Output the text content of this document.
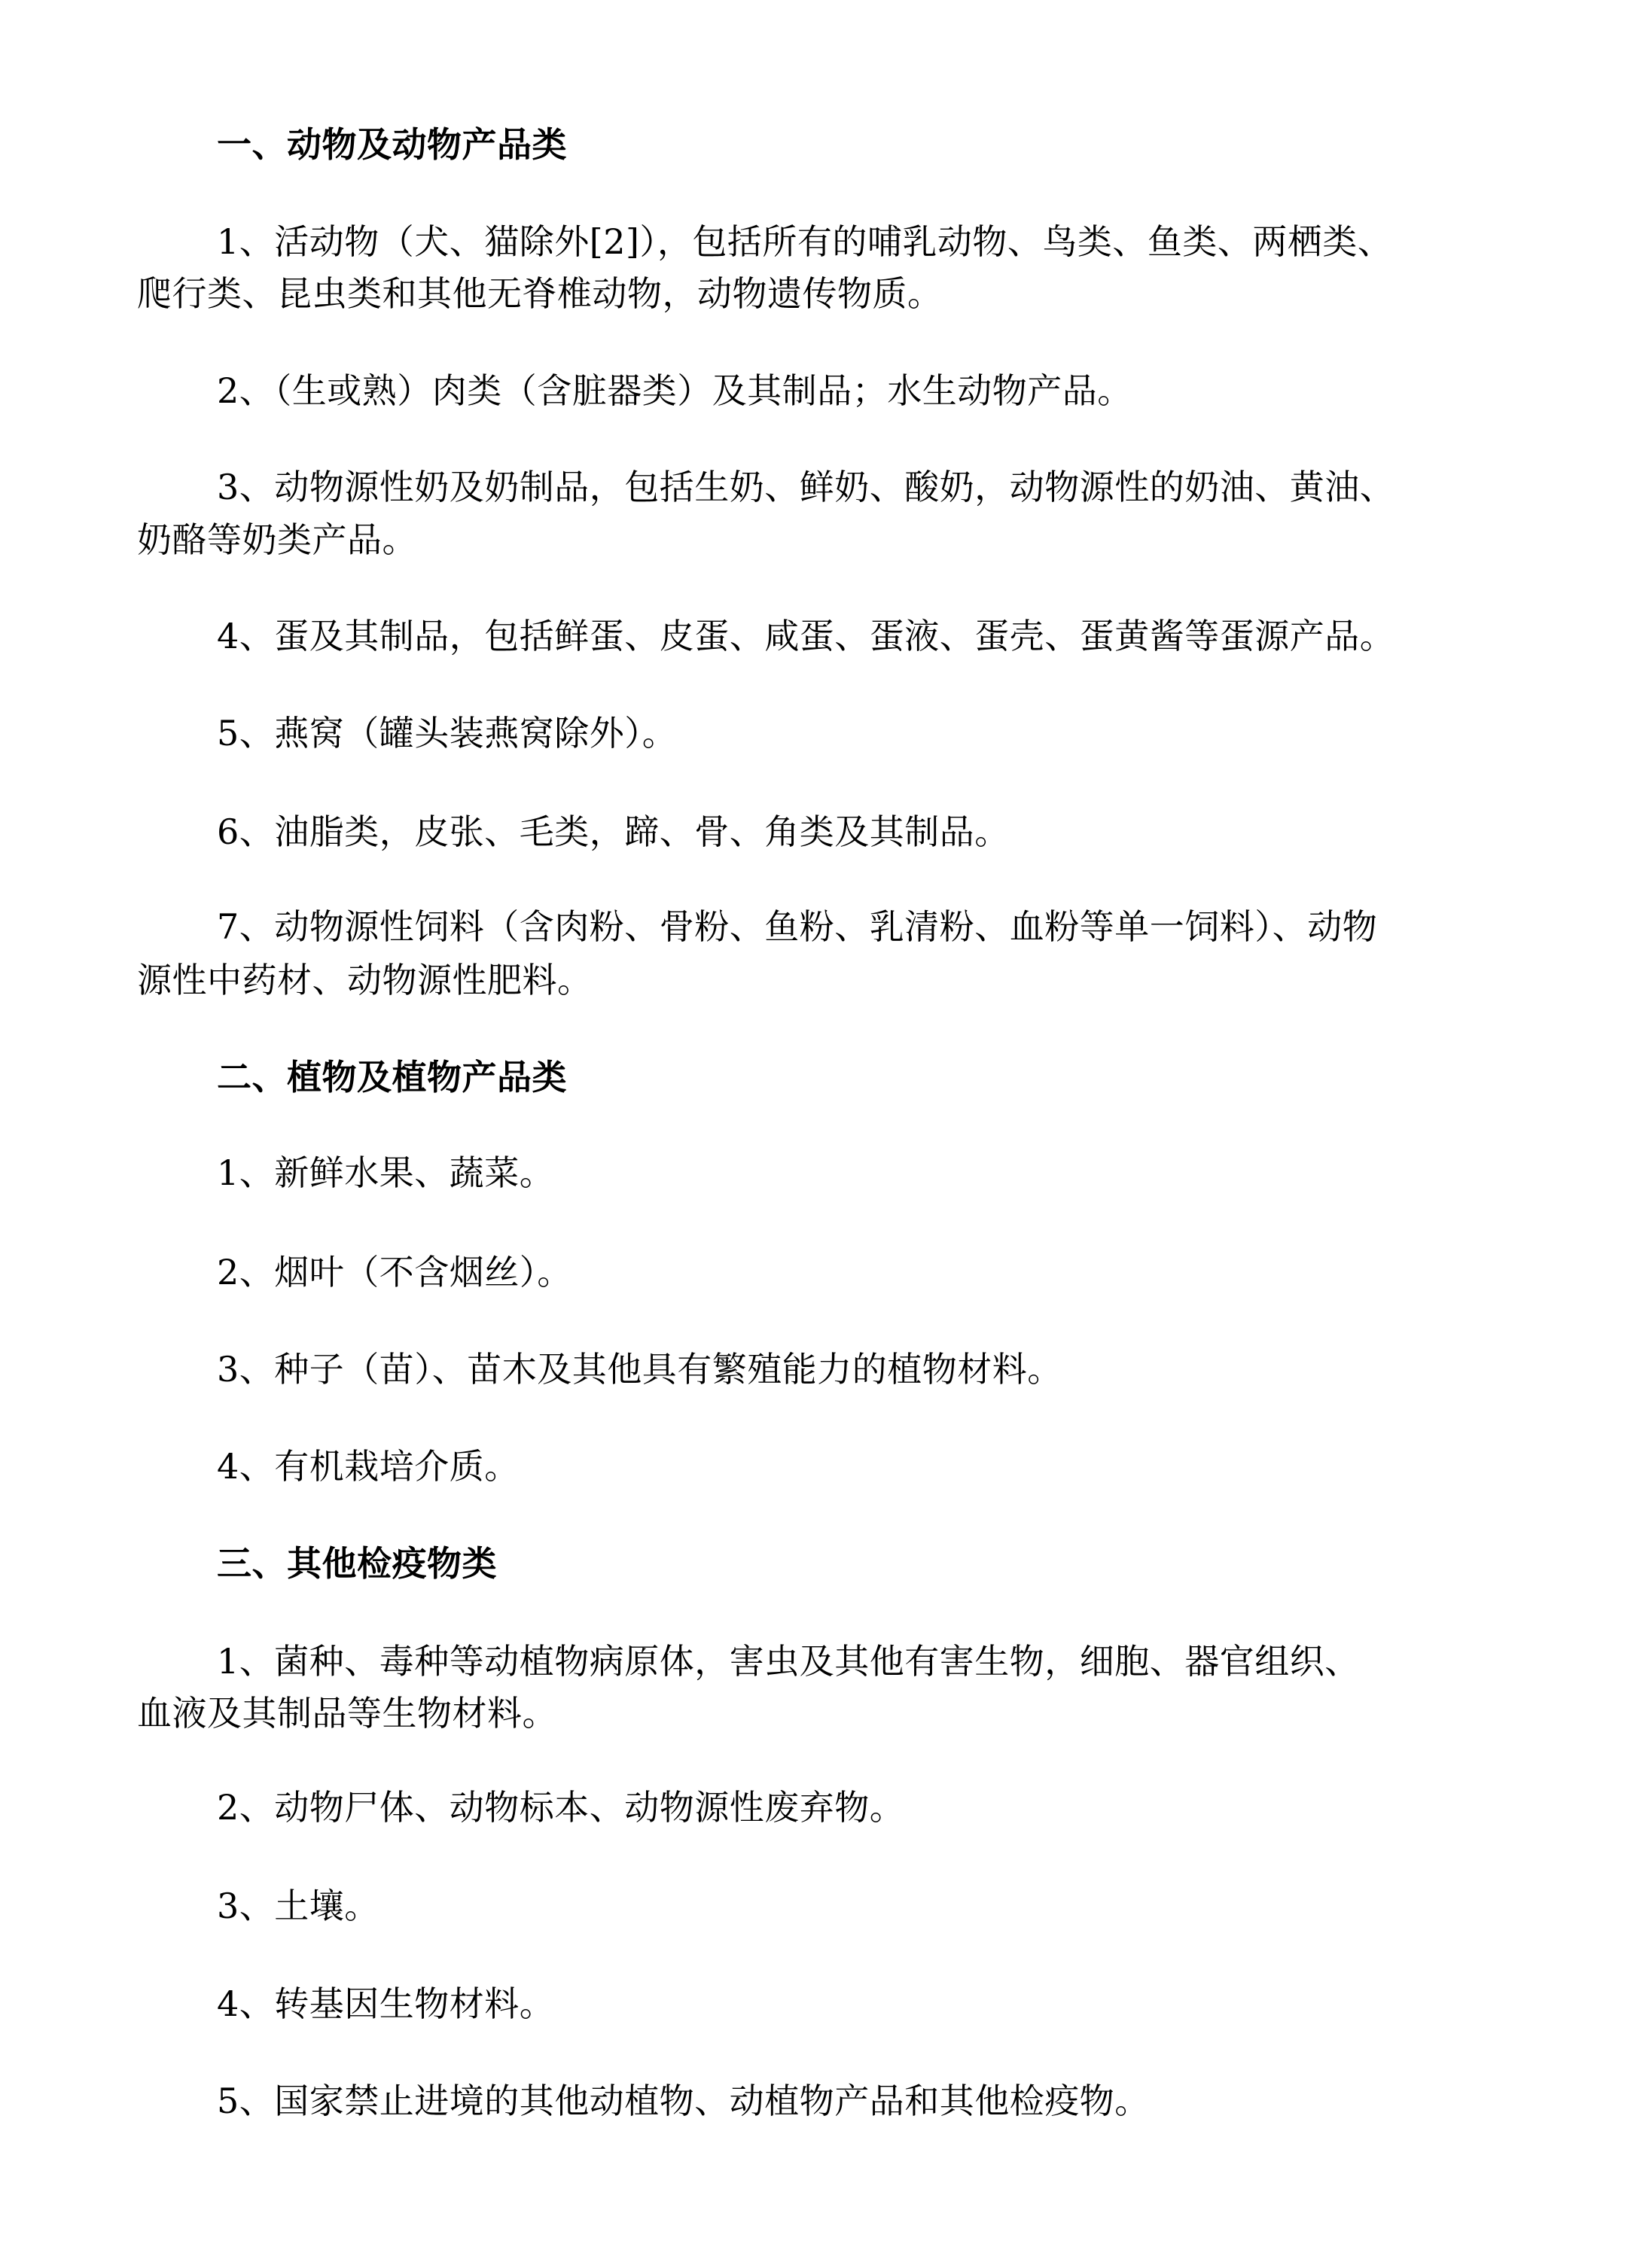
一、动物及动物产品类
1、活动物（犬、猫除外[2]），包括所有的哺乳动物、鸟类、鱼类、两栖类、
爬行类、昆虫类和其他无脊椎动物，动物遗传物质。
2、（生或熟）肉类（含脏器类）及其制品；水生动物产品。
3、动物源性奶及奶制品，包括生奶、鲜奶、酸奶，动物源性的奶油、黄油、
奶酪等奶类产品。
4、蛋及其制品，包括鲜蛋、皮蛋、咸蛋、蛋液、蛋壳、蛋黄酱等蛋源产品。
5、燕窝（罐头装燕窝除外）。
6、油脂类，皮张、毛类，蹄、骨、角类及其制品。
7、动物源性饲料（含肉粉、骨粉、鱼粉、乳清粉、血粉等单一饲料）、动物
源性中药材、动物源性肥料。
二、植物及植物产品类
1、新鲜水果、蔬菜。
2、烟叶（不含烟丝）。
3、种子（苗）、苗木及其他具有繁殖能力的植物材料。
4、有机栽培介质。
三、其他检疫物类
1、菌种、毒种等动植物病原体，害虫及其他有害生物，细胞、器官组织、
血液及其制品等生物材料。
2、动物尸体、动物标本、动物源性废弃物。
3、土壤。
4、转基因生物材料。
5、国家禁止进境的其他动植物、动植物产品和其他检疫物。
